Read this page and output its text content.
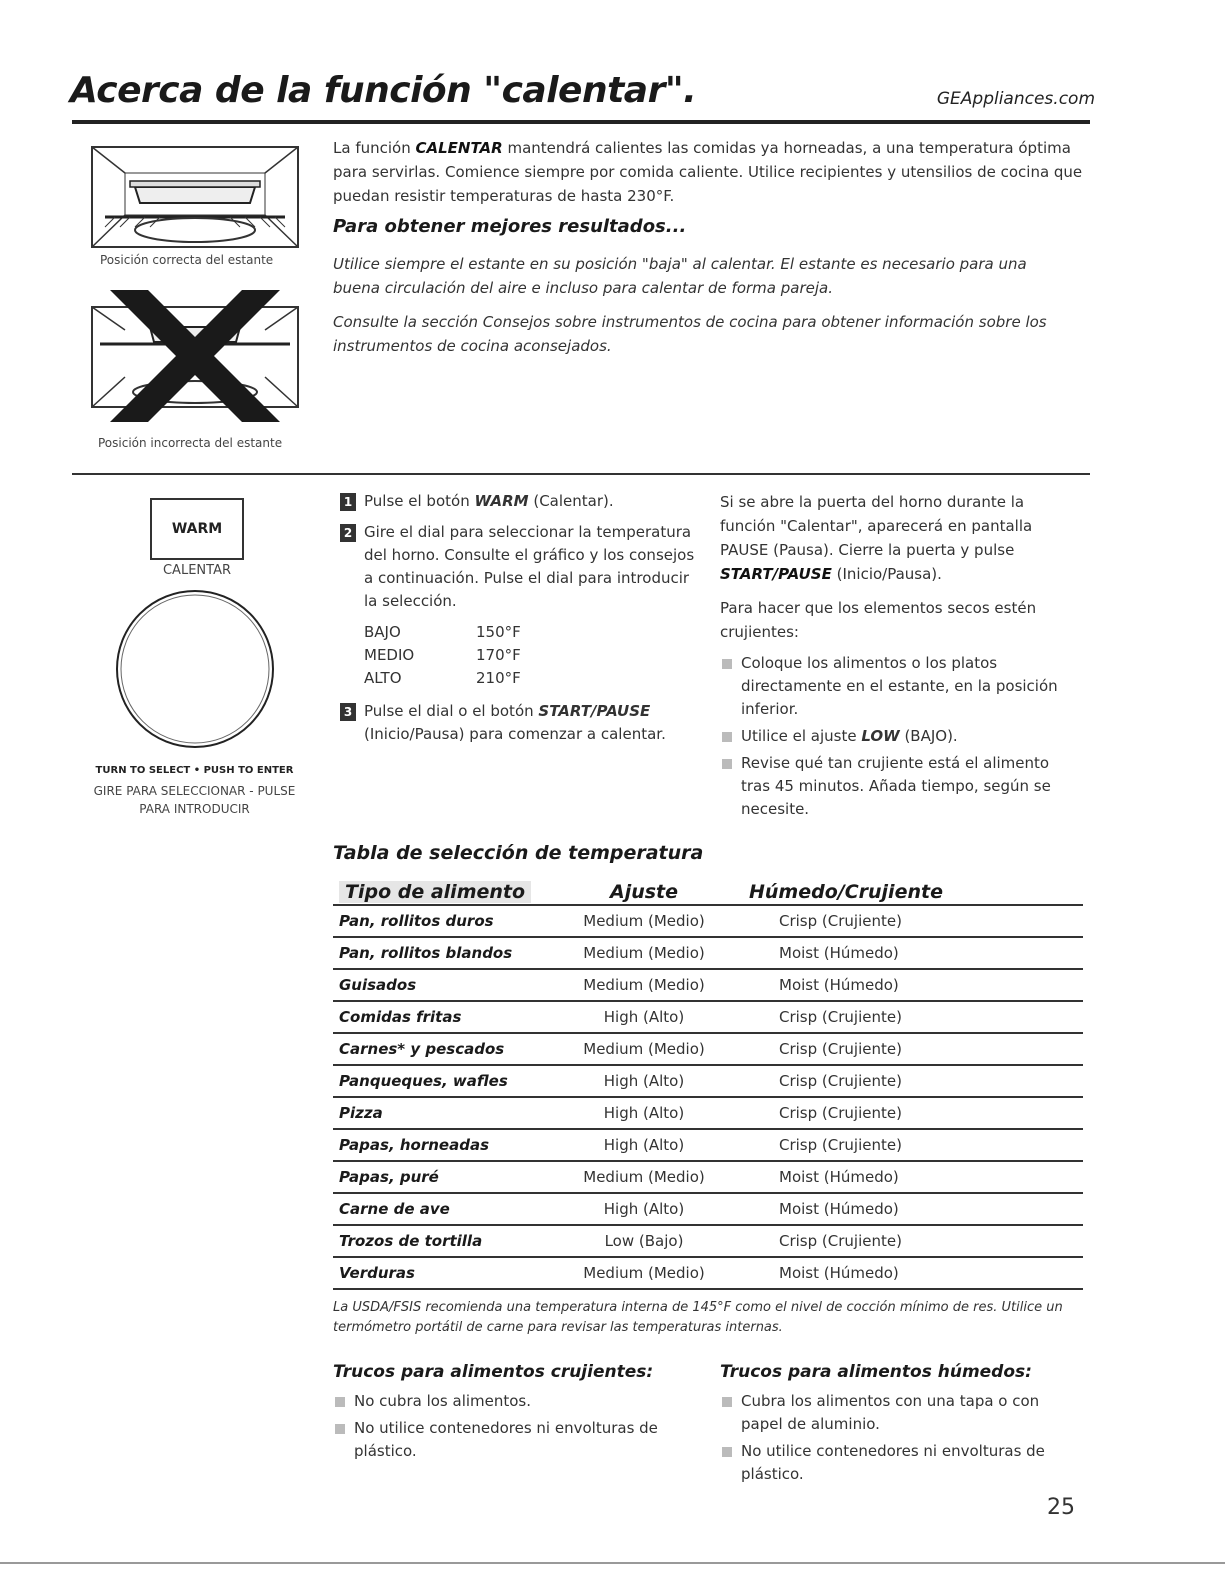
Acerca de la función "calentar".	GEAppliances.com
Posición correcta del estante
Posición incorrecta del estante
La función CALENTAR mantendrá calientes las comidas ya horneadas, a una temperatura óptima para servirlas. Comience siempre por comida caliente. Utilice recipientes y utensilios de cocina que puedan resistir temperaturas de hasta 230°F.
Para obtener mejores resultados...
Utilice siempre el estante en su posición "baja" al calentar. El estante es necesario para una buena circulación del aire e incluso para calentar de forma pareja.
Consulte la sección Consejos sobre instrumentos de cocina para obtener información sobre los instrumentos de cocina aconsejados.
WARM
CALENTAR
TURN TO SELECT • PUSH TO ENTER
GIRE PARA SELECCIONAR - PULSE
PARA INTRODUCIR
1 Pulse el botón WARM (Calentar).
2 Gire el dial para seleccionar la temperatura del horno. Consulte el gráfico y los consejos a continuación. Pulse el dial para introducir la selección.
BAJO	150°F
MEDIO	170°F
ALTO	210°F
3 Pulse el dial o el botón START/PAUSE (Inicio/Pausa) para comenzar a calentar.
Si se abre la puerta del horno durante la función "Calentar", aparecerá en pantalla PAUSE (Pausa). Cierre la puerta y pulse START/PAUSE (Inicio/Pausa).
Para hacer que los elementos secos estén crujientes:
Coloque los alimentos o los platos directamente en el estante, en la posición inferior.
Utilice el ajuste LOW (BAJO).
Revise qué tan crujiente está el alimento tras 45 minutos. Añada tiempo, según se necesite.
Tabla de selección de temperatura
Tipo de alimento	Ajuste	Húmedo/Crujiente
Pan, rollitos duros	Medium (Medio)	Crisp (Crujiente)
Pan, rollitos blandos	Medium (Medio)	Moist (Húmedo)
Guisados	Medium (Medio)	Moist (Húmedo)
Comidas fritas	High (Alto)	Crisp (Crujiente)
Carnes* y pescados	Medium (Medio)	Crisp (Crujiente)
Panqueques, wafles	High (Alto)	Crisp (Crujiente)
Pizza	High (Alto)	Crisp (Crujiente)
Papas, horneadas	High (Alto)	Crisp (Crujiente)
Papas, puré	Medium (Medio)	Moist (Húmedo)
Carne de ave	High (Alto)	Moist (Húmedo)
Trozos de tortilla	Low (Bajo)	Crisp (Crujiente)
Verduras	Medium (Medio)	Moist (Húmedo)
La USDA/FSIS recomienda una temperatura interna de 145°F como el nivel de cocción mínimo de res. Utilice un termómetro portátil de carne para revisar las temperaturas internas.
Trucos para alimentos crujientes:
No cubra los alimentos.
No utilice contenedores ni envolturas de plástico.
Trucos para alimentos húmedos:
Cubra los alimentos con una tapa o con papel de aluminio.
No utilice contenedores ni envolturas de plástico.
25
